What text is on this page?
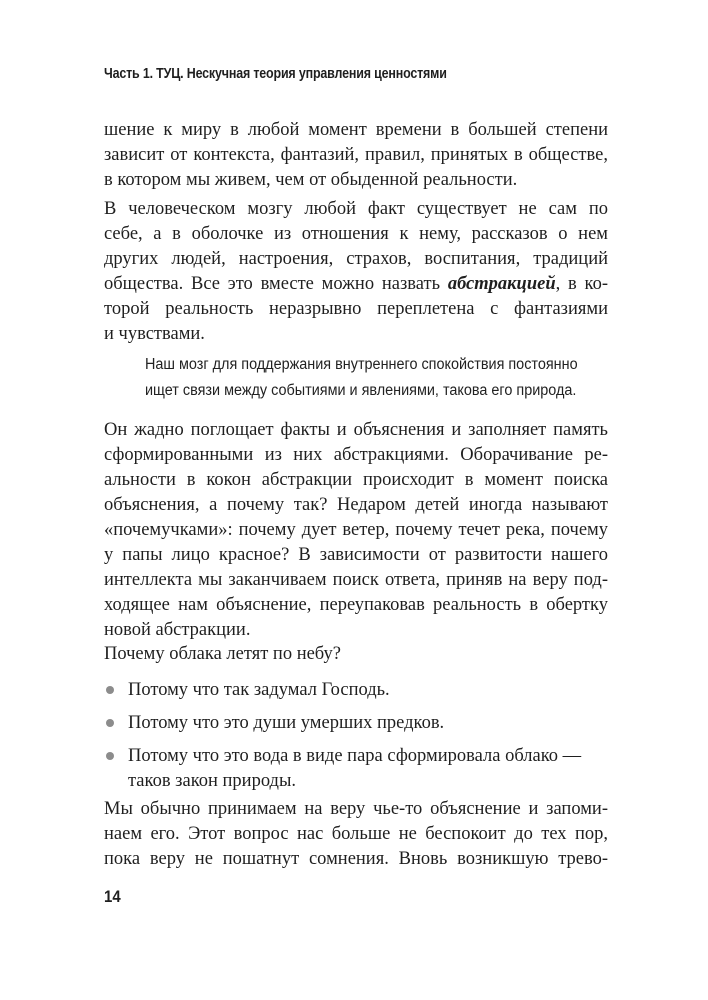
Часть 1. ТУЦ. Нескучная теория управления ценностями
шение к миру в любой момент времени в большей степени
зависит от контекста, фантазий, правил, принятых в обществе,
в котором мы живем, чем от обыденной реальности.
В человеческом мозгу любой факт существует не сам по
себе, а в оболочке из отношения к нему, рассказов о нем
других людей, настроения, страхов, воспитания, традиций
общества. Все это вместе можно назвать абстракцией, в ко-
торой реальность неразрывно переплетена с фантазиями
и чувствами.
Наш мозг для поддержания внутреннего спокойствия постоянно
ищет связи между событиями и явлениями, такова его природа.
Он жадно поглощает факты и объяснения и заполняет память
сформированными из них абстракциями. Оборачивание ре-
альности в кокон абстракции происходит в момент поиска
объяснения, а почему так? Недаром детей иногда называют
«почемучками»: почему дует ветер, почему течет река, почему
у папы лицо красное? В зависимости от развитости нашего
интеллекта мы заканчиваем поиск ответа, приняв на веру под-
ходящее нам объяснение, переупаковав реальность в обертку
новой абстракции.
Почему облака летят по небу?
Потому что так задумал Господь.
Потому что это души умерших предков.
Потому что это вода в виде пара сформировала облако —
таков закон природы.
Мы обычно принимаем на веру чье-то объяснение и запоми-
наем его. Этот вопрос нас больше не беспокоит до тех пор,
пока веру не пошатнут сомнения. Вновь возникшую трево-
14
